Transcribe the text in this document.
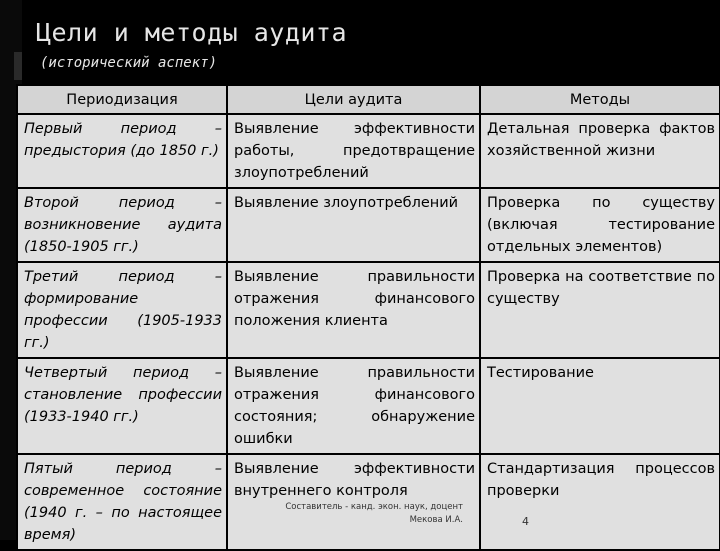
Цели и методы аудита
(исторический аспект)
Периодизация	Цели аудита	Методы
Первый период – предыстория (до 1850 г.)	Выявление эффективности работы, предотвращение злоупотреблений	Детальная проверка фактов хозяйственной жизни
Второй период – возникновение аудита (1850-1905 гг.)	Выявление злоупотреблений	Проверка по существу (включая тестирование отдельных элементов)
Третий период – формирование профессии (1905-1933 гг.)	Выявление правильности отражения финансового положения клиента	Проверка на соответствие по существу
Четвертый период – становление профессии (1933-1940 гг.)	Выявление правильности отражения финансового состояния; обнаружение ошибки	Тестирование
Пятый период – современное состояние (1940 г. – по настоящее время)	Выявление эффективности внутреннего контроля	Стандартизация процессов проверки
Составитель - канд. экон. наук, доцент
Мекова И.А.	4
